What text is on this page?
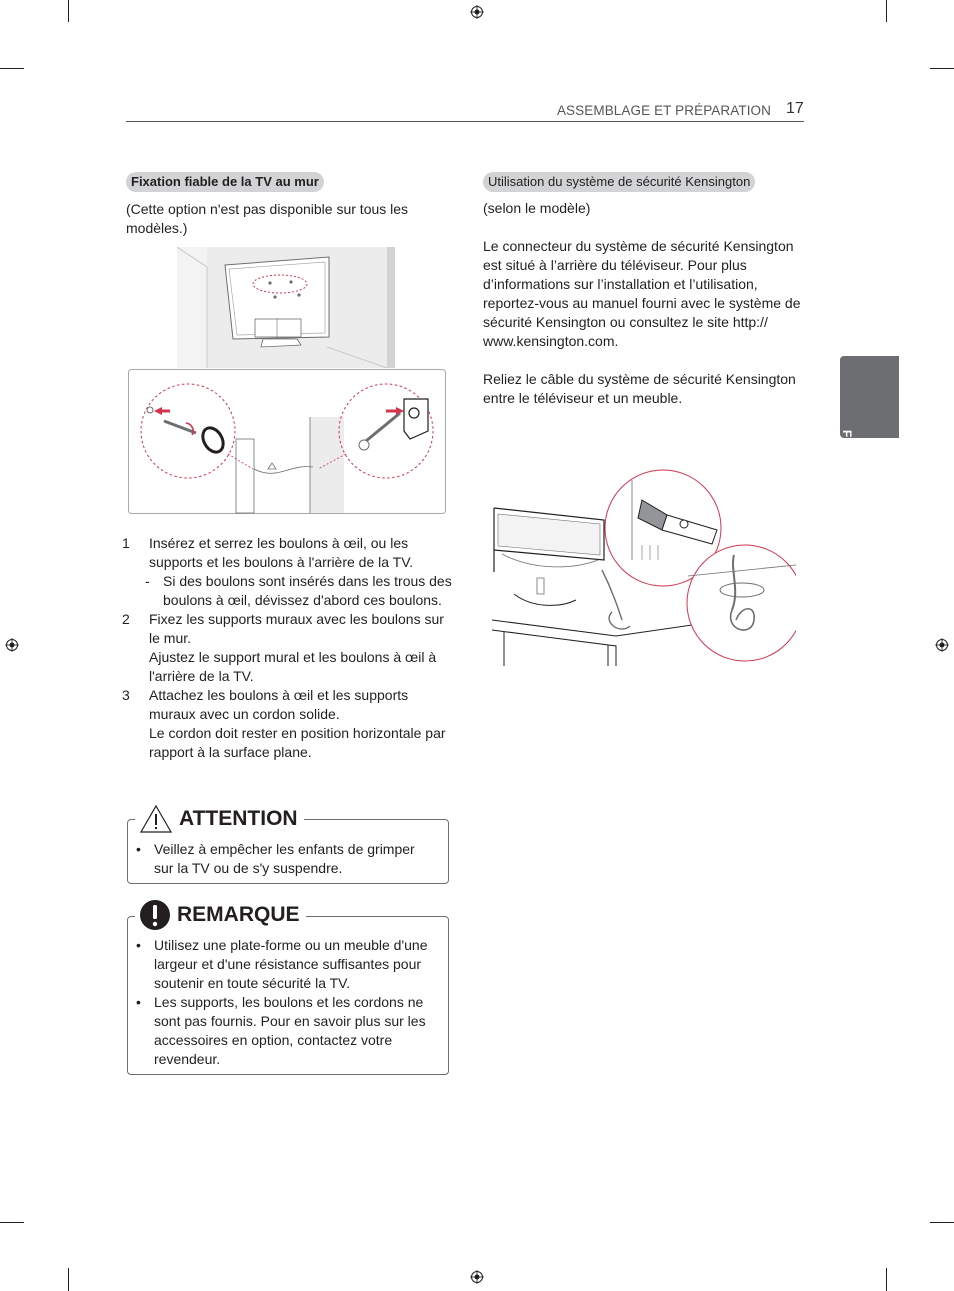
ASSEMBLAGE ET PRÉPARATION 17
FRANÇAIS
Fixation fiable de la TV au mur

(Cette option n'est pas disponible sur tous les modèles.)

1 Insérez et serrez les boulons à œil, ou les supports et les boulons à l'arrière de la TV.
- Si des boulons sont insérés dans les trous des boulons à œil, dévissez d'abord ces boulons.
2 Fixez les supports muraux avec les boulons sur le mur.
Ajustez le support mural et les boulons à œil à l'arrière de la TV.
3 Attachez les boulons à œil et les supports muraux avec un cordon solide.
Le cordon doit rester en position horizontale par rapport à la surface plane.
ATTENTION
• Veillez à empêcher les enfants de grimper sur la TV ou de s'y suspendre.
REMARQUE
• Utilisez une plate-forme ou un meuble d'une largeur et d'une résistance suffisantes pour soutenir en toute sécurité la TV.
• Les supports, les boulons et les cordons ne sont pas fournis. Pour en savoir plus sur les accessoires en option, contactez votre revendeur.
Utilisation du système de sécurité Kensington

(selon le modèle)

Le connecteur du système de sécurité Kensington est situé à l’arrière du téléviseur. Pour plus d’informations sur l’installation et l’utilisation, reportez-vous au manuel fourni avec le système de sécurité Kensington ou consultez le site http:// www.kensington.com.

Reliez le câble du système de sécurité Kensington entre le téléviseur et un meuble.
